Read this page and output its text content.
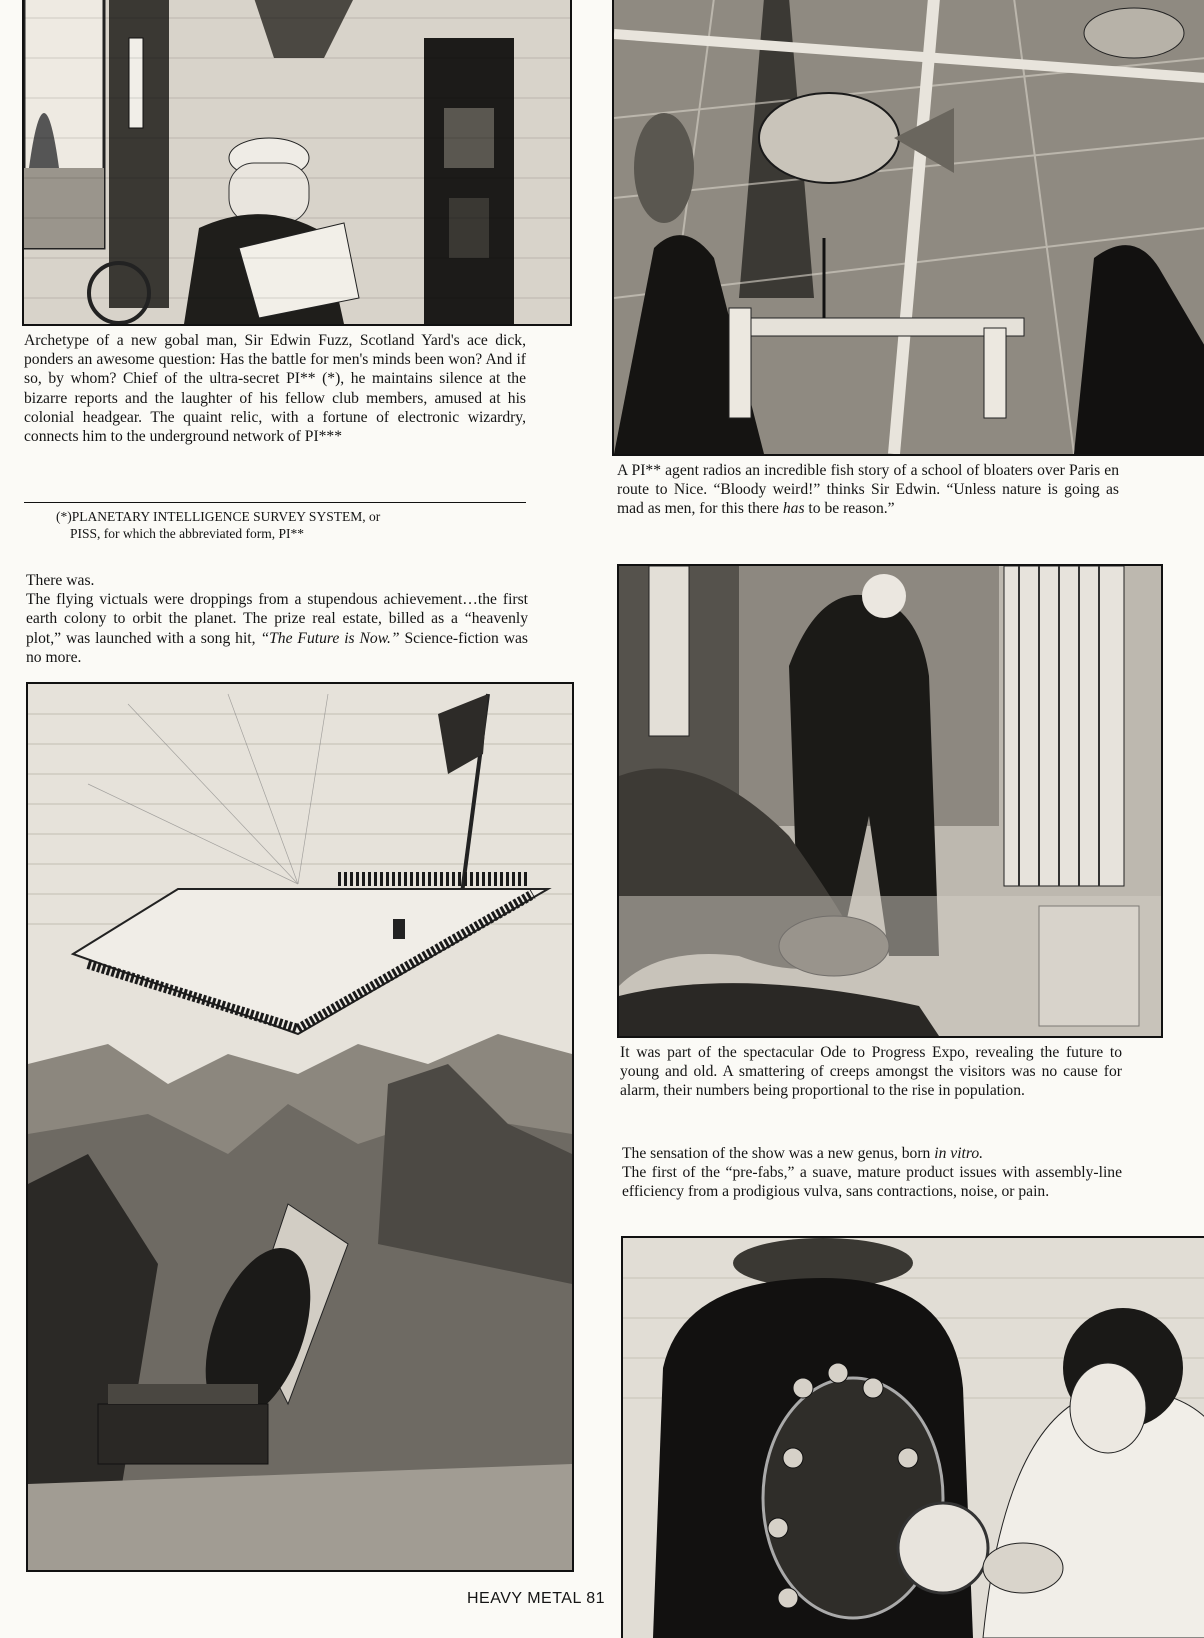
Archetype of a new gobal man, Sir Edwin Fuzz, Scotland Yard's ace dick, ponders an awesome question: Has the battle for men's minds been won? And if so, by whom? Chief of the ultra-secret PI** (*), he maintains silence at the bizarre reports and the laughter of his fellow club members, amused at his colonial headgear. The quaint relic, with a fortune of electronic wizardry, connects him to the underground network of PI***

(*)PLANETARY INTELLIGENCE SURVEY SYSTEM, or
PISS, for which the abbreviated form, PI**

A PI** agent radios an incredible fish story of a school of bloaters over Paris en route to Nice. “Bloody weird!” thinks Sir Edwin. “Unless nature is going as mad as men, for this there has to be reason.”

There was.

The flying victuals were droppings from a stupendous achievement…the first earth colony to orbit the planet. The prize real estate, billed as a “heavenly plot,” was launched with a song hit, “The Future is Now.” Science-fiction was no more.

It was part of the spectacular Ode to Progress Expo, revealing the future to young and old. A smattering of creeps amongst the visitors was no cause for alarm, their numbers being proportional to the rise in population.

The sensation of the show was a new genus, born in vitro.

The first of the “pre-fabs,” a suave, mature product issues with assembly-line efficiency from a prodigious vulva, sans contractions, noise, or pain.

HEAVY METAL 81
